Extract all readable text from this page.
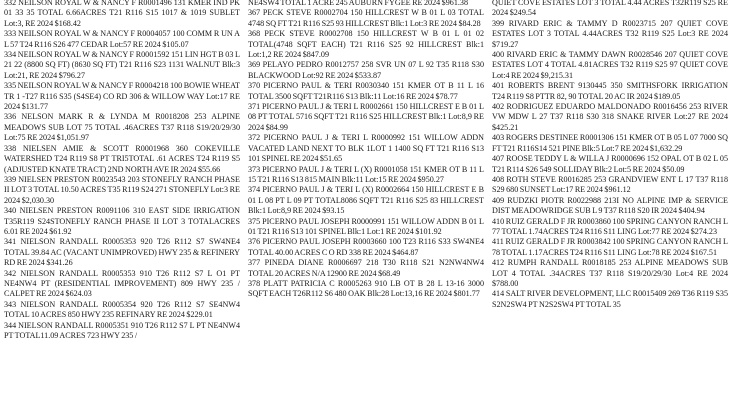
332 NEILSON ROYAL W & NANCY F R0001496 131 KMER IND PK 01 33 35 TOTAL 6.66ACRES T21 R116 S15 1017 & 1019 SUBLET Lot:3, RE 2024 $168.42

333 NEILSON ROYAL W & NANCY F R0004057 100 COMM R UN A L 57 T24 R116 S26 477 CEDAR Lot:57 RE 2024 $105.07

334 NEILSON ROYAL W & NANCY F R0001592 151 LIN HGT B 03 L 21 22 (8800 SQ FT) (8630 SQ FT) T21 R116 S23 1131 WALNUT Blk:3 Lot:21, RE 2024 $796.27

335 NEILSON ROYAL W & NANCY F R0004218 100 BOWIE WHEAT TR 1 -T27 R116 S35 (S4SE4) CO RD 306 & WILLOW WAY Lot:17 RE 2024 $131.77

336 NELSON MARK R & LYNDA M R0018208 253 ALPINE MEADOWS SUB LOT 75 TOTAL .46ACRES T37 R118 S19/20/29/30 Lot:75 RE 2024 $1,051.97

338 NIELSEN AMIE & SCOTT R0001968 360 COKEVILLE WATERSHED T24 R119 S8 PT TRI5TOTAL .61 ACRES T24 R119 S5 (ADJUSTED KNATE TRACT) 2ND NORTH AVE IR 2024 $55.66

339 NIELSEN PRESTON R0023543 203 STONEFLY RANCH PHASE II LOT 3 TOTAL 10.50 ACRES T35 R119 S24 271 STONEFLY Lot:3 RE 2024 $2,030.30

340 NIELSEN PRESTON R0091106 310 EAST SIDE IRRIGATION T35R119 S24STONEFLY RANCH PHASE II LOT 3 TOTALACRES 6.01 RE 2024 $61.92

341 NIELSON RANDALL R0005353 920 T26 R112 S7 SW4NE4 TOTAL 39.84 AC (VACANT UNIMPROVED) HWY 235 & REFINERY RD RE 2024 $341.26

342 NIELSON RANDALL R0005353 910 T26 R112 S7 L O1 PT NE4NW4 PT (RESIDENTIAL IMPROVEMENT) 809 HWY 235 / CALPET RE 2024 $624.03

343 NIELSON RANDALL R0005354 920 T26 R112 S7 SE4NW4 TOTAL 10 ACRES 850 HWY 235 REFINARY RE 2024 $229.01

344 NIELSON RANDALL R0005351 910 T26 R112 S7 L PT NE4NW4 PT TOTAL11.09 ACRES 723 HWY 235 /

NE4SW4 TOTAL 1 ACRE 245 AUBURN FYGEE RE 2024 $961.38

367 PECK STEVE R0002704 150 HILLCREST W B 01 L 03 TOTAL 4748 SQ FT T21 R116 S25 93 HILLCREST Blk:1 Lot:3 RE 2024 $84.28

368 PECK STEVE R0002708 150 HILLCREST W B 01 L 01 02 TOTAL(4748 SQFT EACH) T21 R116 S25 92 HILLCREST Blk:1 Lot:1,2 RE 2024 $847.09

369 PELAYO PEDRO R0012757 258 SVR UN 07 L 92 T35 R118 S30 BLACKWOOD Lot:92 RE 2024 $533.87

370 PICERNO PAUL & TERI R0030340 151 KMER OT B 11 L 16 TOTAL 3500 SQFT T21R116 S13 Blk:11 Lot:16 RE 2024 $78.77

371 PICERNO PAUL J & TERI L R0002661 150 HILLCREST E B 01 L 08 PT TOTAL 5716 SQFT T21 R116 S25 HILLCREST Blk:1 Lot:8,9 RE 2024 $84.99

372 PICERNO PAUL J & TERI L R0000992 151 WILLOW ADDN VACATED LAND NEXT TO BLK 1LOT 1 1400 SQ FT T21 R116 S13 101 SPINEL RE 2024 $51.65

373 PICERNO PAUL J & TERI L (X) R0001058 151 KMER OT B 11 L 15 T21 R116 S13 815 MAIN Blk:11 Lot:15 RE 2024 $950.27

374 PICERNO PAUL J & TERI L (X) R0002664 150 HILLCREST E B 01 L 08 PT L 09 PT TOTAL8086 SQFT T21 R116 S25 83 HILLCREST Blk:1 Lot:8,9 RE 2024 $93.15

375 PICERNO PAUL JOSEPH R0000991 151 WILLOW ADDN B 01 L 01 T21 R116 S13 101 SPINEL Blk:1 Lot:1 RE 2024 $101.92

376 PICERNO PAUL JOSEPH R0003660 100 T23 R116 S33 SW4NE4 TOTAL 40.00 ACRES C O RD 338 RE 2024 $464.87

377 PINEDA DIANE R0006697 218 T30 R118 S21 N2NW4NW4 TOTAL 20 ACRES N/A 12900 RE 2024 $68.49

378 PLATT PATRICIA C R0005263 910 LB OT B 28 L 13-16 3000 SQFT EACH T26R112 S6 480 OAK Blk:28 Lot:13,16 RE 2024 $801.77

QUIET COVE ESTATES LOT 3 TOTAL 4.44 ACRES T32R119 S25 RE 2024 $249.54

399 RIVARD ERIC & TAMMY D R0023715 207 QUIET COVE ESTATES LOT 3 TOTAL 4.44ACRES T32 R119 S25 Lot:3 RE 2024 $719.27

400 RIVARD ERIC & TAMMY DAWN R0028546 207 QUIET COVE ESTATES LOT 4 TOTAL 4.81ACRES T32 R119 S25 97 QUIET COVE Lot:4 RE 2024 $9,215.31

401 ROBERTS BRENT 9130445 350 SMITHSFORK IRRIGATION T24 R119 S8 PTTR 82, 90 TOTAL 20 AC IR 2024 $189.05

402 RODRIGUEZ EDUARDO MALDONADO R0016456 253 RIVER VW MDW L 27 T37 R118 S30 318 SNAKE RIVER Lot:27 RE 2024 $425.21

403 ROGERS DESTINEE R0001306 151 KMER OT B 05 L 07 7000 SQ FT T21 R116S14 521 PINE Blk:5 Lot:7 RE 2024 $1,632.29

407 ROOSE TEDDY L & WILLA J R0000696 152 OPAL OT B 02 L 05 T21 R114 S26 549 SOLLIDAY Blk:2 Lot:5 RE 2024 $50.09

408 ROTH STEVE R0016285 253 GRANDVIEW ENT L 17 T37 R118 S29 680 SUNSET Lot:17 RE 2024 $961.12

409 RUDZKI PIOTR R0022988 213I NO ALPINE IMP & SERVICE DIST MEADOWRIDGE SUB L 9 T37 R118 S20 IR 2024 $404.94

410 RUIZ GERALD F JR R0003860 100 SPRING CANYON RANCH L 77 TOTAL 1.74ACRES T24 R116 S11 LING Lot:77 RE 2024 $274.23

411 RUIZ GERALD F JR R0003842 100 SPRING CANYON RANCH L 78 TOTAL 1.17ACRES T24 R116 S11 LING Lot:78 RE 2024 $167.51

412 RUMPH RANDALL R0018185 253 ALPINE MEADOWS SUB LOT 4 TOTAL .34ACRES T37 R118 S19/20/29/30 Lot:4 RE 2024 $788.00

414 SALT RIVER DEVELOPMENT, LLC R0015409 269 T36 R119 S35 S2N2SW4 PT N2S2SW4 PT TOTAL 35
